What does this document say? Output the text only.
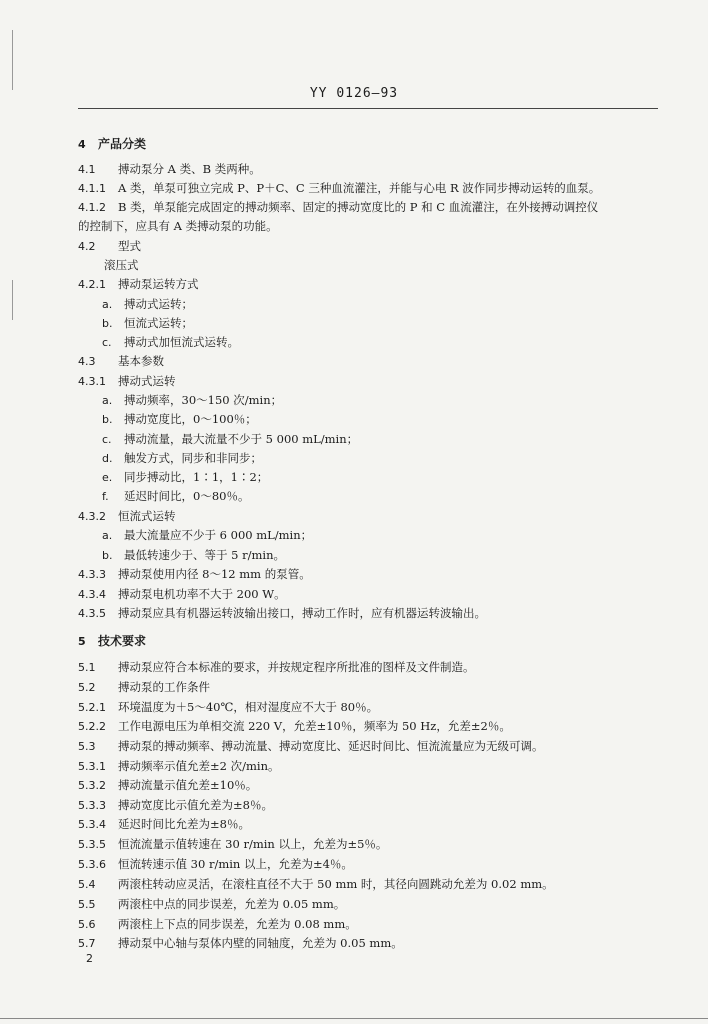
YY 0126—93
4 产品分类
4.1 搏动泵分 A 类、B 类两种。
4.1.1 A 类，单泵可独立完成 P、P＋C、C 三种血流灌注，并能与心电 R 波作同步搏动运转的血泵。
4.1.2 B 类，单泵能完成固定的搏动频率、固定的搏动宽度比的 P 和 C 血流灌注，在外接搏动调控仪
的控制下，应具有 A 类搏动泵的功能。
4.2 型式
滚压式
4.2.1 搏动泵运转方式
a. 搏动式运转；
b. 恒流式运转；
c. 搏动式加恒流式运转。
4.3 基本参数
4.3.1 搏动式运转
a. 搏动频率，30～150 次/min；
b. 搏动宽度比，0～100％；
c. 搏动流量，最大流量不少于 5 000 mL/min；
d. 触发方式，同步和非同步；
e. 同步搏动比，1∶1，1∶2；
f. 延迟时间比，0～80％。
4.3.2 恒流式运转
a. 最大流量应不少于 6 000 mL/min；
b. 最低转速少于、等于 5 r/min。
4.3.3 搏动泵使用内径 8～12 mm 的泵管。
4.3.4 搏动泵电机功率不大于 200 W。
4.3.5 搏动泵应具有机器运转波输出接口，搏动工作时，应有机器运转波输出。
5 技术要求
5.1 搏动泵应符合本标准的要求，并按规定程序所批准的图样及文件制造。
5.2 搏动泵的工作条件
5.2.1 环境温度为＋5～40℃，相对湿度应不大于 80％。
5.2.2 工作电源电压为单相交流 220 V，允差±10％，频率为 50 Hz，允差±2％。
5.3 搏动泵的搏动频率、搏动流量、搏动宽度比、延迟时间比、恒流流量应为无级可调。
5.3.1 搏动频率示值允差±2 次/min。
5.3.2 搏动流量示值允差±10％。
5.3.3 搏动宽度比示值允差为±8％。
5.3.4 延迟时间比允差为±8％。
5.3.5 恒流流量示值转速在 30 r/min 以上，允差为±5％。
5.3.6 恒流转速示值 30 r/min 以上，允差为±4％。
5.4 两滚柱转动应灵活，在滚柱直径不大于 50 mm 时，其径向圆跳动允差为 0.02 mm。
5.5 两滚柱中点的同步误差，允差为 0.05 mm。
5.6 两滚柱上下点的同步误差，允差为 0.08 mm。
5.7 搏动泵中心轴与泵体内壁的同轴度，允差为 0.05 mm。
2
